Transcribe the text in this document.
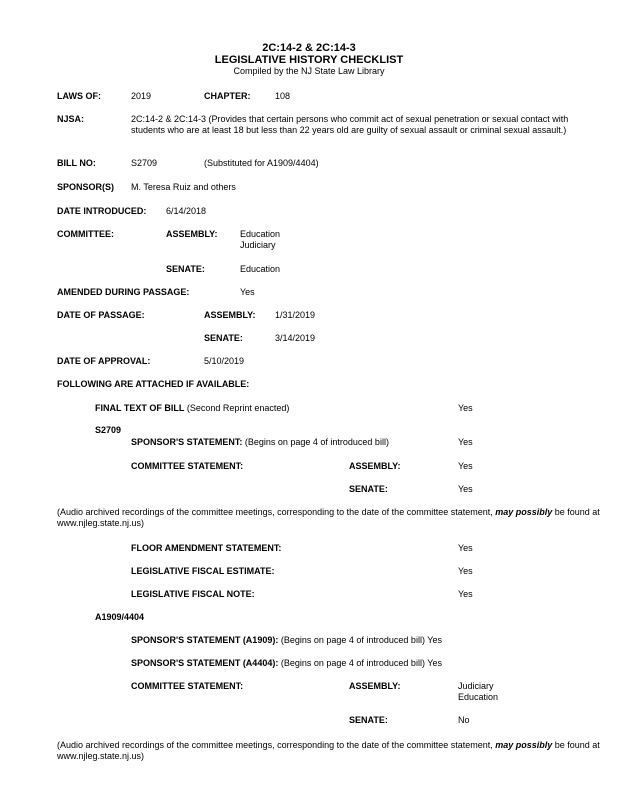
2C:14-2 & 2C:14-3
LEGISLATIVE HISTORY CHECKLIST
Compiled by the NJ State Law Library
LAWS OF:	2019	CHAPTER:	108
NJSA:	2C:14-2 & 2C:14-3 (Provides that certain persons who commit act of sexual penetration or sexual contact with students who are at least 18 but less than 22 years old are guilty of sexual assault or criminal sexual assault.)
BILL NO:	S2709	(Substituted for A1909/4404)
SPONSOR(S) M. Teresa Ruiz and others
DATE INTRODUCED: 6/14/2018
COMMITTEE:	ASSEMBLY: Education
Judiciary
SENATE:	Education
AMENDED DURING PASSAGE:	Yes
DATE OF PASSAGE:	ASSEMBLY: 1/31/2019
SENATE:	3/14/2019
DATE OF APPROVAL:	5/10/2019
FOLLOWING ARE ATTACHED IF AVAILABLE:
FINAL TEXT OF BILL (Second Reprint enacted)	Yes
S2709
SPONSOR'S STATEMENT: (Begins on page 4 of introduced bill)	Yes
COMMITTEE STATEMENT:	ASSEMBLY:	Yes
SENATE:	Yes
(Audio archived recordings of the committee meetings, corresponding to the date of the committee statement, may possibly be found at www.njleg.state.nj.us)
FLOOR AMENDMENT STATEMENT:	Yes
LEGISLATIVE FISCAL ESTIMATE:	Yes
LEGISLATIVE FISCAL NOTE:	Yes
A1909/4404
SPONSOR'S STATEMENT (A1909): (Begins on page 4 of introduced bill) Yes
SPONSOR'S STATEMENT (A4404): (Begins on page 4 of introduced bill) Yes
COMMITTEE STATEMENT:	ASSEMBLY:	Judiciary
Education
SENATE:	No
(Audio archived recordings of the committee meetings, corresponding to the date of the committee statement, may possibly be found at www.njleg.state.nj.us)
